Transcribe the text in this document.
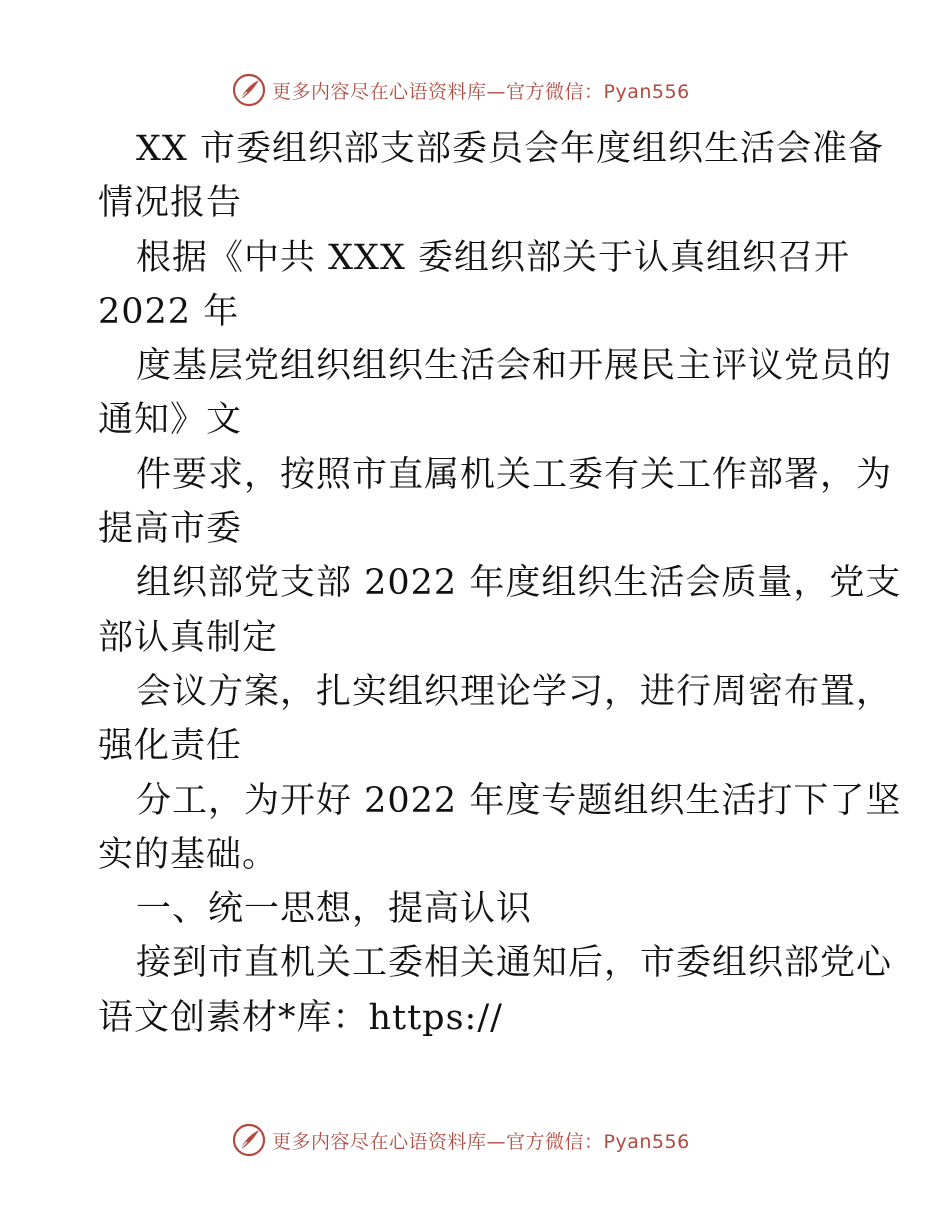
更多内容尽在心语资料库—官方微信：Pyan556
XX 市委组织部支部委员会年度组织生活会准备
情况报告
根据《中共 XXX 委组织部关于认真组织召开
2022 年
度基层党组织组织生活会和开展民主评议党员的
通知》文
件要求，按照市直属机关工委有关工作部署，为
提高市委
组织部党支部 2022 年度组织生活会质量，党支
部认真制定
会议方案，扎实组织理论学习，进行周密布置，
强化责任
分工，为开好 2022 年度专题组织生活打下了坚
实的基础。
一、统一思想，提高认识
接到市直机关工委相关通知后，市委组织部党心
语文创素材*库：https://
更多内容尽在心语资料库—官方微信：Pyan556
